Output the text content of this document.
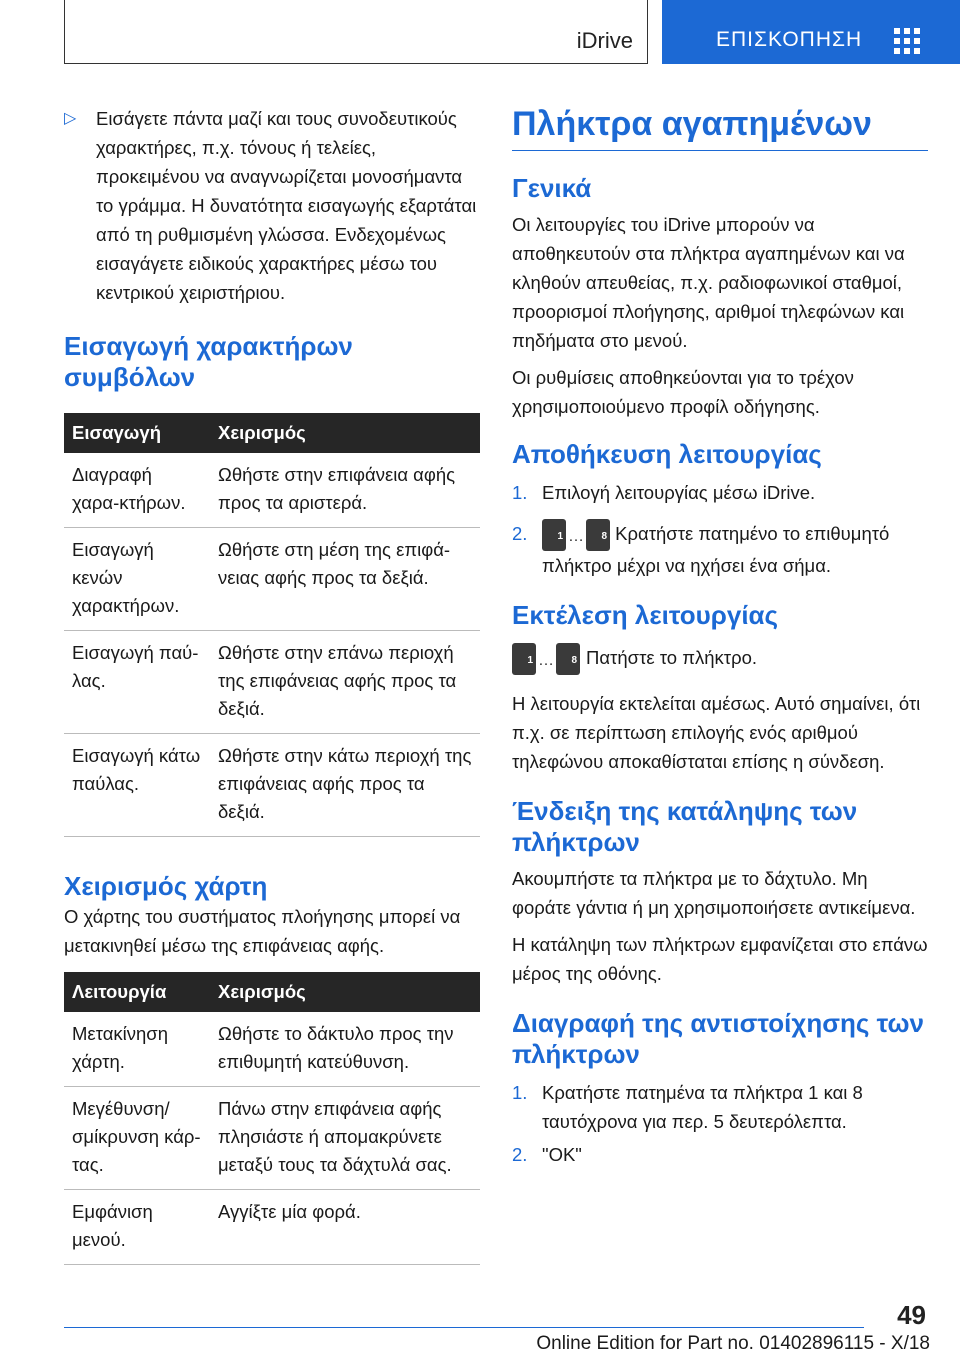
iDrive	ΕΠΙΣΚΟΠΗΣΗ

▷ Εισάγετε πάντα μαζί και τους συνοδευτικούς χαρακτήρες, π.χ. τόνους ή τελείες, προκειμένου να αναγνωρίζεται μονοσήμαντα το γράμμα. Η δυνατότητα εισαγωγής εξαρτάται από τη ρυθμισμένη γλώσσα. Ενδεχομένως εισαγάγετε ειδικούς χαρακτήρες μέσω του κεντρικού χειριστήριου.

Εισαγωγή χαρακτήρων συμβόλων
Εισαγωγή	Χειρισμός
Διαγραφή χαρα-κτήρων.	Ωθήστε στην επιφάνεια αφής προς τα αριστερά.
Εισαγωγή κενών χαρακτήρων.	Ωθήστε στη μέση της επιφά-νειας αφής προς τα δεξιά.
Εισαγωγή παύ-λας.	Ωθήστε στην επάνω περιοχή της επιφάνειας αφής προς τα δεξιά.
Εισαγωγή κάτω παύλας.	Ωθήστε στην κάτω περιοχή της επιφάνειας αφής προς τα δεξιά.
Χειρισμός χάρτη

Ο χάρτης του συστήματος πλοήγησης μπορεί να μετακινηθεί μέσω της επιφάνειας αφής.

Λειτουργία	Χειρισμός
Μετακίνηση χάρτη.	Ωθήστε το δάκτυλο προς την επιθυμητή κατεύθυνση.
Μεγέθυνση/σμίκρυνση κάρ-τας.	Πάνω στην επιφάνεια αφής πλησιάστε ή απομακρύνετε μεταξύ τους τα δάχτυλά σας.
Εμφάνιση μενού.	Αγγίξτε μία φορά.
Πλήκτρα αγαπημένων
Γενικά

Οι λειτουργίες του iDrive μπορούν να αποθηκευτούν στα πλήκτρα αγαπημένων και να κληθούν απευθείας, π.χ. ραδιοφωνικοί σταθμοί, προορισμοί πλοήγησης, αριθμοί τηλεφώνων και πηδήματα στο μενού.

Οι ρυθμίσεις αποθηκεύονται για το τρέχον χρησιμοποιούμενο προφίλ οδήγησης.

Αποθήκευση λειτουργίας
1. Επιλογή λειτουργίας μέσω iDrive.
2.	1 … 8 Κρατήστε πατημένο το επιθυμητό πλήκτρο μέχρι να ηχήσει ένα σήμα.
Εκτέλεση λειτουργίας
1 … 8 Πατήστε το πλήκτρο.

Η λειτουργία εκτελείται αμέσως. Αυτό σημαίνει, ότι π.χ. σε περίπτωση επιλογής ενός αριθμού τηλεφώνου αποκαθίσταται επίσης η σύνδεση.

Ένδειξη της κατάληψης των πλήκτρων

Ακουμπήστε τα πλήκτρα με το δάχτυλο. Μη φοράτε γάντια ή μη χρησιμοποιήσετε αντικείμενα.

Η κατάληψη των πλήκτρων εμφανίζεται στο επάνω μέρος της οθόνης.

Διαγραφή της αντιστοίχησης των πλήκτρων
1. Κρατήστε πατημένα τα πλήκτρα 1 και 8 ταυτόχρονα για περ. 5 δευτερόλεπτα.
2. "OK"
49
Online Edition for Part no. 01402896115 - X/18
